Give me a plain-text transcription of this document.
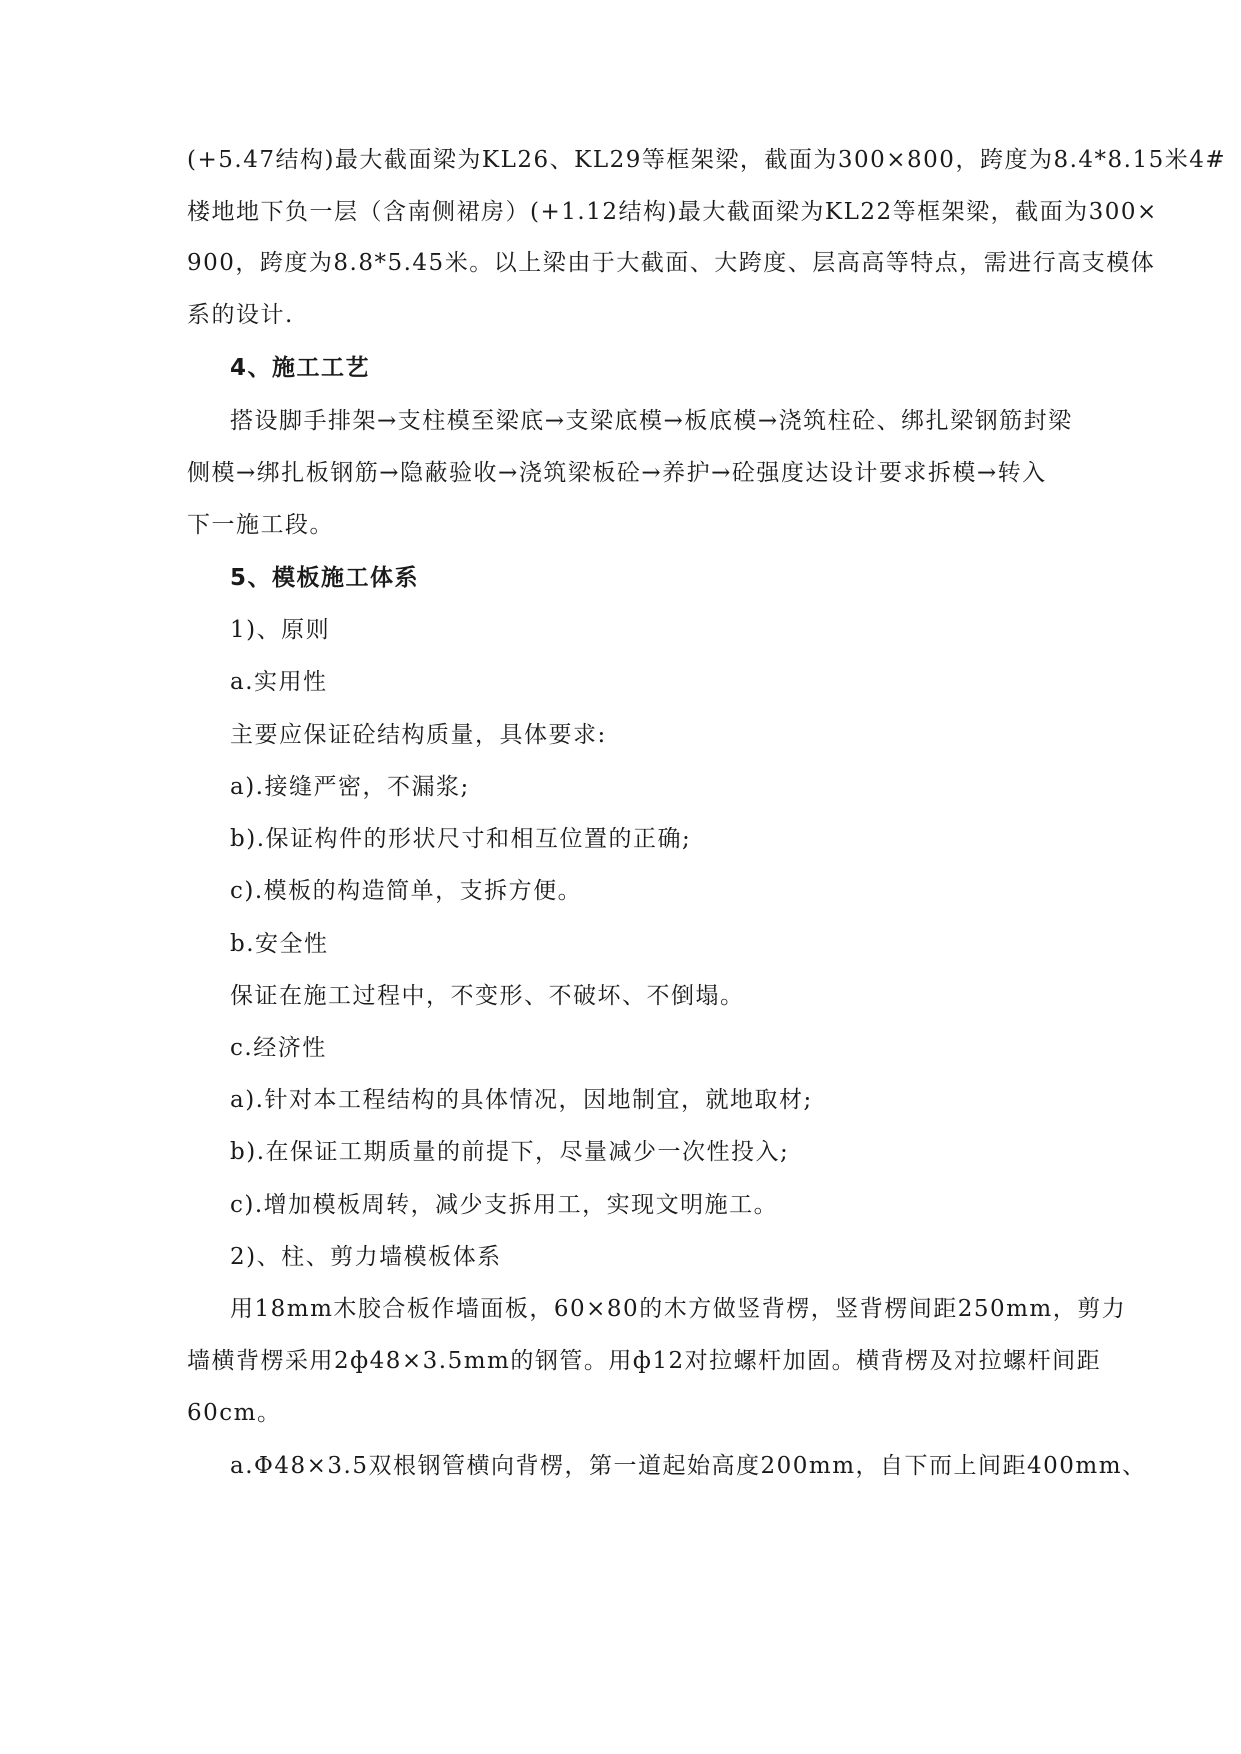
(+5.47结构)最大截面梁为KL26、KL29等框架梁，截面为300×800，跨度为8.4*8.15米4#
楼地地下负一层（含南侧裙房）(+1.12结构)最大截面梁为KL22等框架梁，截面为300×
900，跨度为8.8*5.45米。以上梁由于大截面、大跨度、层高高等特点，需进行高支模体
系的设计.
4、施工工艺
搭设脚手排架→支柱模至梁底→支梁底模→板底模→浇筑柱砼、绑扎梁钢筋封梁
侧模→绑扎板钢筋→隐蔽验收→浇筑梁板砼→养护→砼强度达设计要求拆模→转入
下一施工段。
5、模板施工体系
1)、原则
a.实用性
主要应保证砼结构质量，具体要求:
a).接缝严密，不漏浆;
b).保证构件的形状尺寸和相互位置的正确;
c).模板的构造简单，支拆方便。
b.安全性
保证在施工过程中，不变形、不破坏、不倒塌。
c.经济性
a).针对本工程结构的具体情况，因地制宜，就地取材;
b).在保证工期质量的前提下，尽量减少一次性投入;
c).增加模板周转，减少支拆用工，实现文明施工。
2)、柱、剪力墙模板体系
用18mm木胶合板作墙面板，60×80的木方做竖背楞，竖背楞间距250mm，剪力
墙横背楞采用2ф48×3.5mm的钢管。用ф12对拉螺杆加固。横背楞及对拉螺杆间距
60cm。
a.Φ48×3.5双根钢管横向背楞，第一道起始高度200mm，自下而上间距400mm、
